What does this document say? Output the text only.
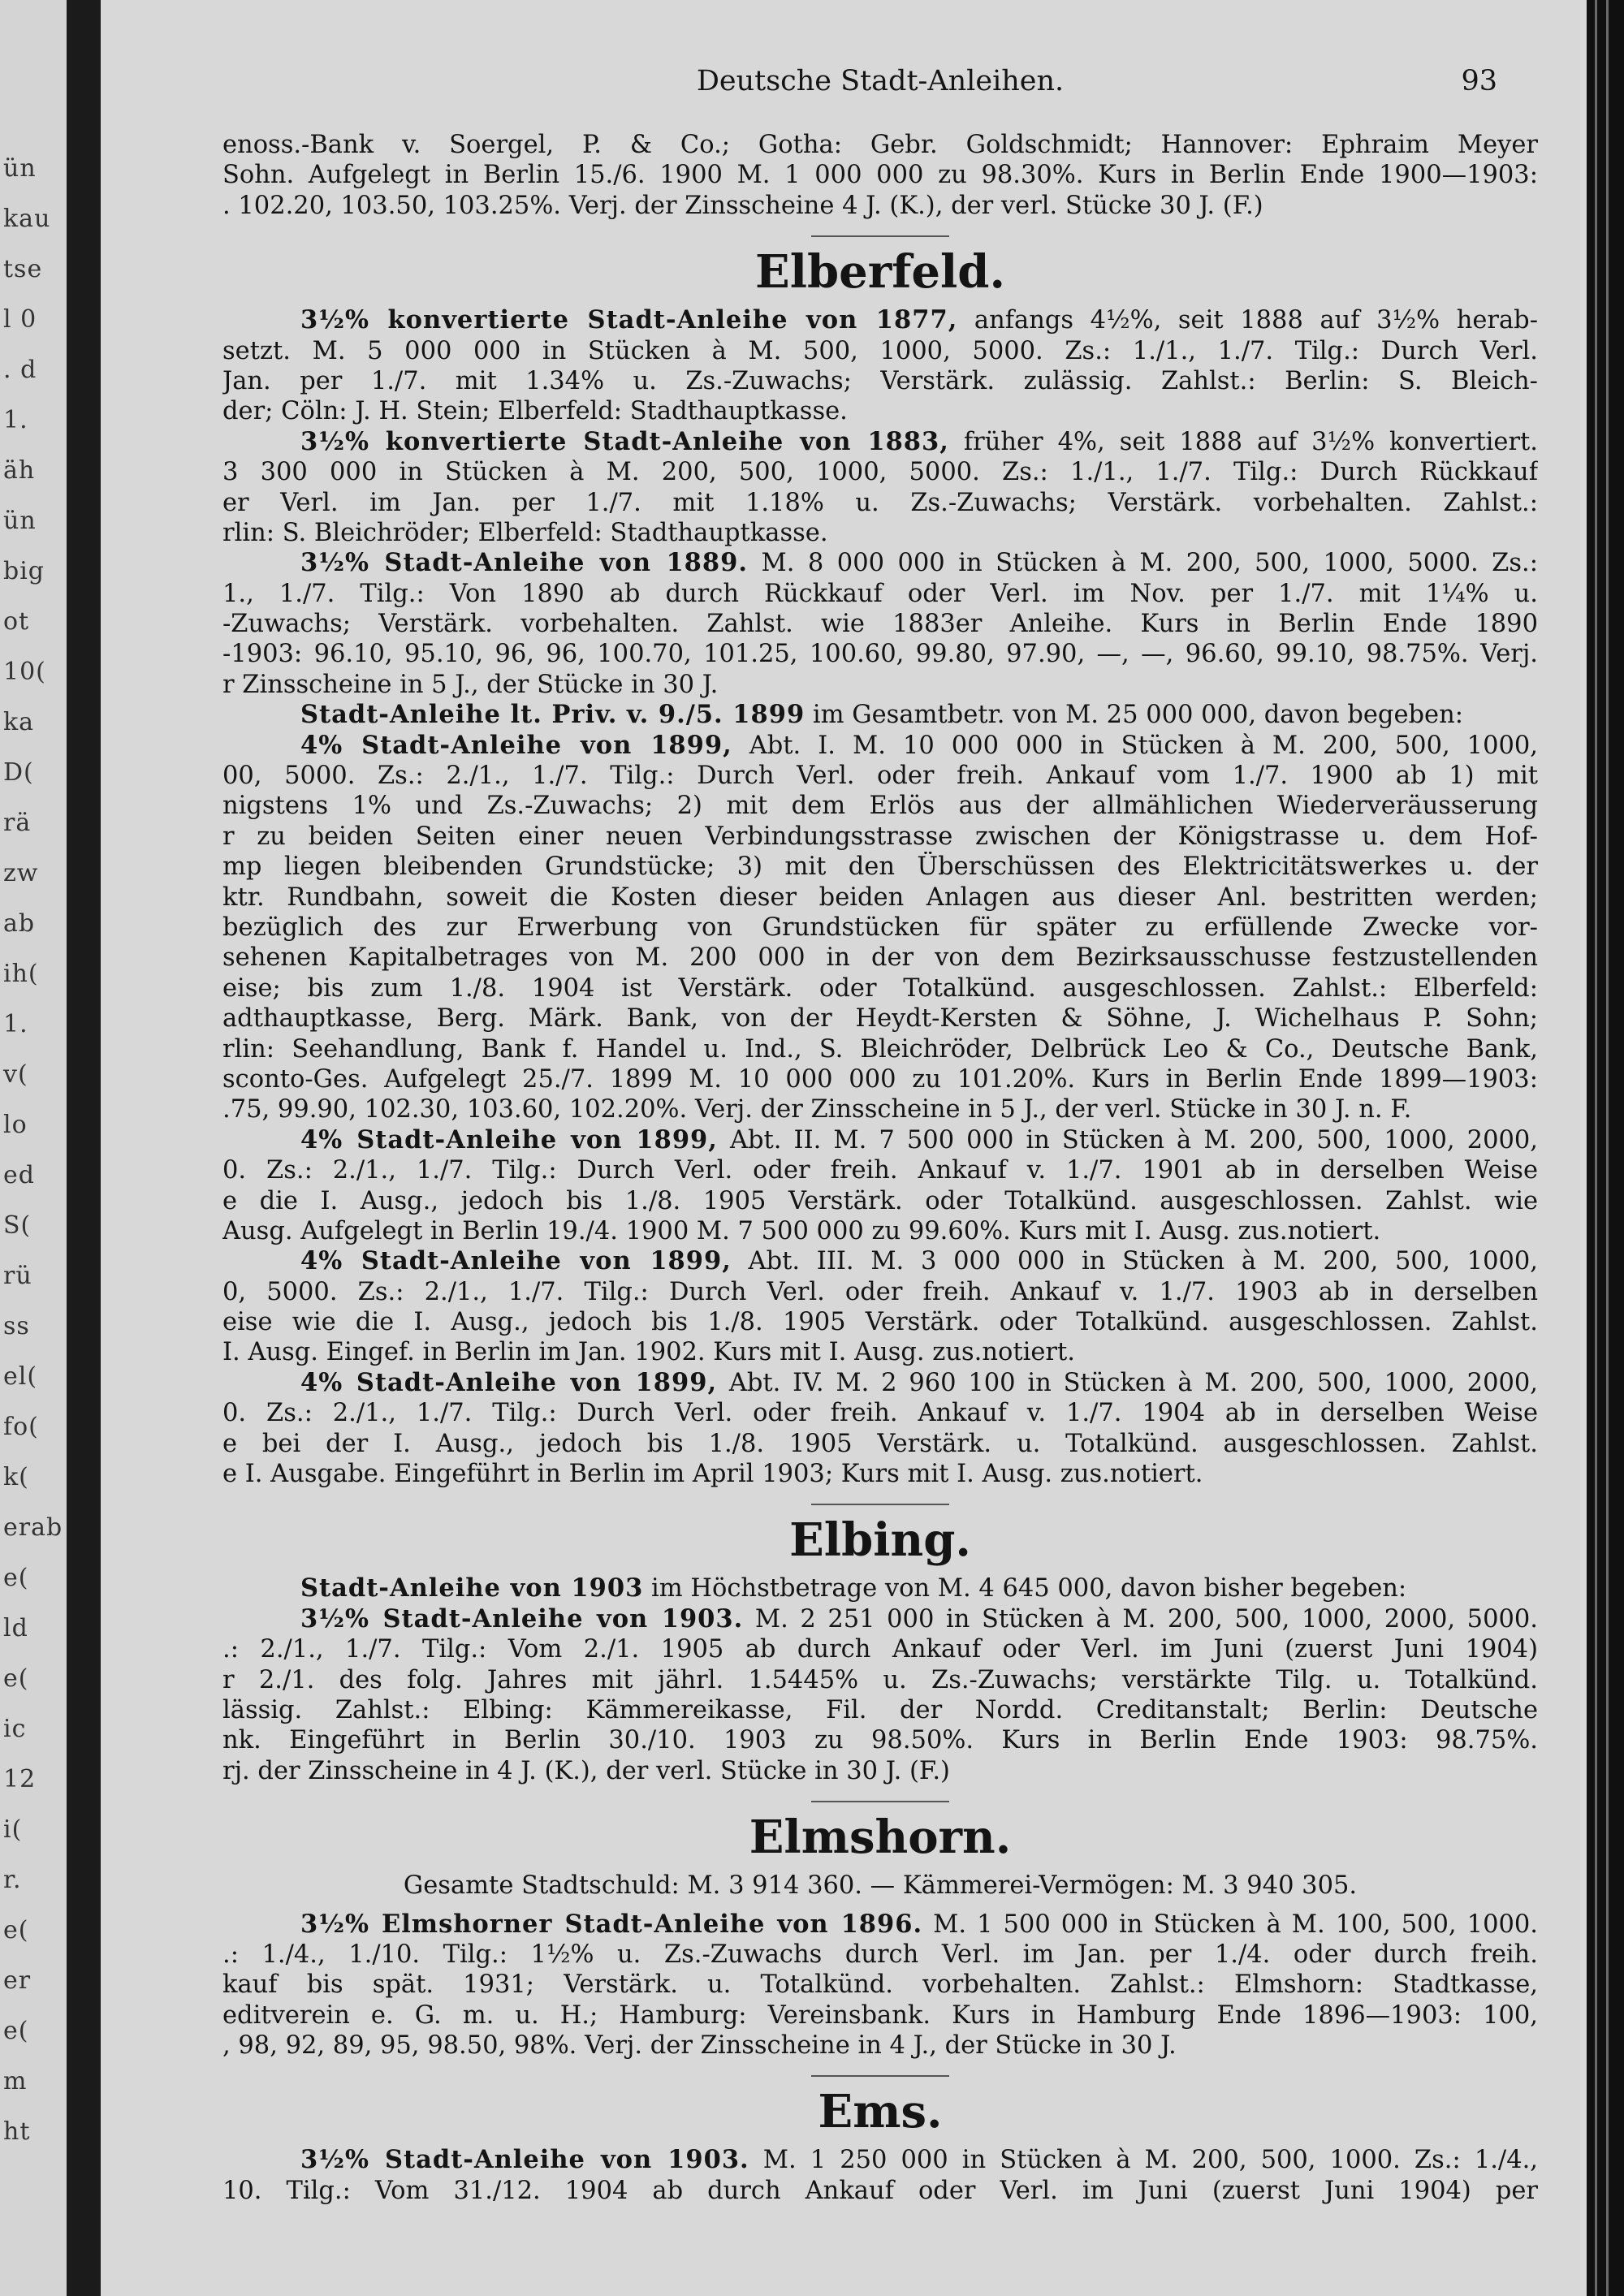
ün
kau
tse
l 0
. d
1.
äh
ün
big
ot
10(
ka
D(
rä
zw
ab
ih(
1.
v(
lo
ed
S(
rü
ss
el(
fo(
k(
erab
e(
ld
e(
ic
12
i(
r.
e(
er
e(
m
ht
Deutsche Stadt-Anleihen.	93
enoss.-Bank v. Soergel, P. & Co.; Gotha: Gebr. Goldschmidt; Hannover: Ephraim Meyer
Sohn. Aufgelegt in Berlin 15./6. 1900 M. 1 000 000 zu 98.30%. Kurs in Berlin Ende 1900—1903:
. 102.20, 103.50, 103.25%. Verj. der Zinsscheine 4 J. (K.), der verl. Stücke 30 J. (F.)
Elberfeld.
3½% konvertierte Stadt-Anleihe von 1877, anfangs 4½%, seit 1888 auf 3½% herab-
setzt. M. 5 000 000 in Stücken à M. 500, 1000, 5000. Zs.: 1./1., 1./7. Tilg.: Durch Verl.
Jan. per 1./7. mit 1.34% u. Zs.-Zuwachs; Verstärk. zulässig. Zahlst.: Berlin: S. Bleich-
der; Cöln: J. H. Stein; Elberfeld: Stadthauptkasse.
3½% konvertierte Stadt-Anleihe von 1883, früher 4%, seit 1888 auf 3½% konvertiert.
3 300 000 in Stücken à M. 200, 500, 1000, 5000. Zs.: 1./1., 1./7. Tilg.: Durch Rückkauf
er Verl. im Jan. per 1./7. mit 1.18% u. Zs.-Zuwachs; Verstärk. vorbehalten. Zahlst.:
rlin: S. Bleichröder; Elberfeld: Stadthauptkasse.
3½% Stadt-Anleihe von 1889. M. 8 000 000 in Stücken à M. 200, 500, 1000, 5000. Zs.:
1., 1./7. Tilg.: Von 1890 ab durch Rückkauf oder Verl. im Nov. per 1./7. mit 1¼% u.
-Zuwachs; Verstärk. vorbehalten. Zahlst. wie 1883er Anleihe. Kurs in Berlin Ende 1890
-1903: 96.10, 95.10, 96, 96, 100.70, 101.25, 100.60, 99.80, 97.90, —, —, 96.60, 99.10, 98.75%. Verj.
r Zinsscheine in 5 J., der Stücke in 30 J.
Stadt-Anleihe lt. Priv. v. 9./5. 1899 im Gesamtbetr. von M. 25 000 000, davon begeben:
4% Stadt-Anleihe von 1899, Abt. I. M. 10 000 000 in Stücken à M. 200, 500, 1000,
00, 5000. Zs.: 2./1., 1./7. Tilg.: Durch Verl. oder freih. Ankauf vom 1./7. 1900 ab 1) mit
nigstens 1% und Zs.-Zuwachs; 2) mit dem Erlös aus der allmählichen Wiederveräusserung
r zu beiden Seiten einer neuen Verbindungsstrasse zwischen der Königstrasse u. dem Hof-
mp liegen bleibenden Grundstücke; 3) mit den Überschüssen des Elektricitätswerkes u. der
ktr. Rundbahn, soweit die Kosten dieser beiden Anlagen aus dieser Anl. bestritten werden;
bezüglich des zur Erwerbung von Grundstücken für später zu erfüllende Zwecke vor-
sehenen Kapitalbetrages von M. 200 000 in der von dem Bezirksausschusse festzustellenden
eise; bis zum 1./8. 1904 ist Verstärk. oder Totalkünd. ausgeschlossen. Zahlst.: Elberfeld:
adthauptkasse, Berg. Märk. Bank, von der Heydt-Kersten & Söhne, J. Wichelhaus P. Sohn;
rlin: Seehandlung, Bank f. Handel u. Ind., S. Bleichröder, Delbrück Leo & Co., Deutsche Bank,
sconto-Ges. Aufgelegt 25./7. 1899 M. 10 000 000 zu 101.20%. Kurs in Berlin Ende 1899—1903:
.75, 99.90, 102.30, 103.60, 102.20%. Verj. der Zinsscheine in 5 J., der verl. Stücke in 30 J. n. F.
4% Stadt-Anleihe von 1899, Abt. II. M. 7 500 000 in Stücken à M. 200, 500, 1000, 2000,
0. Zs.: 2./1., 1./7. Tilg.: Durch Verl. oder freih. Ankauf v. 1./7. 1901 ab in derselben Weise
e die I. Ausg., jedoch bis 1./8. 1905 Verstärk. oder Totalkünd. ausgeschlossen. Zahlst. wie
Ausg. Aufgelegt in Berlin 19./4. 1900 M. 7 500 000 zu 99.60%. Kurs mit I. Ausg. zus.notiert.
4% Stadt-Anleihe von 1899, Abt. III. M. 3 000 000 in Stücken à M. 200, 500, 1000,
0, 5000. Zs.: 2./1., 1./7. Tilg.: Durch Verl. oder freih. Ankauf v. 1./7. 1903 ab in derselben
eise wie die I. Ausg., jedoch bis 1./8. 1905 Verstärk. oder Totalkünd. ausgeschlossen. Zahlst.
I. Ausg. Eingef. in Berlin im Jan. 1902. Kurs mit I. Ausg. zus.notiert.
4% Stadt-Anleihe von 1899, Abt. IV. M. 2 960 100 in Stücken à M. 200, 500, 1000, 2000,
0. Zs.: 2./1., 1./7. Tilg.: Durch Verl. oder freih. Ankauf v. 1./7. 1904 ab in derselben Weise
e bei der I. Ausg., jedoch bis 1./8. 1905 Verstärk. u. Totalkünd. ausgeschlossen. Zahlst.
e I. Ausgabe. Eingeführt in Berlin im April 1903; Kurs mit I. Ausg. zus.notiert.
Elbing.
Stadt-Anleihe von 1903 im Höchstbetrage von M. 4 645 000, davon bisher begeben:
3½% Stadt-Anleihe von 1903. M. 2 251 000 in Stücken à M. 200, 500, 1000, 2000, 5000.
.: 2./1., 1./7. Tilg.: Vom 2./1. 1905 ab durch Ankauf oder Verl. im Juni (zuerst Juni 1904)
r 2./1. des folg. Jahres mit jährl. 1.5445% u. Zs.-Zuwachs; verstärkte Tilg. u. Totalkünd.
lässig. Zahlst.: Elbing: Kämmereikasse, Fil. der Nordd. Creditanstalt; Berlin: Deutsche
nk. Eingeführt in Berlin 30./10. 1903 zu 98.50%. Kurs in Berlin Ende 1903: 98.75%.
rj. der Zinsscheine in 4 J. (K.), der verl. Stücke in 30 J. (F.)
Elmshorn.
Gesamte Stadtschuld: M. 3 914 360. — Kämmerei-Vermögen: M. 3 940 305.
3½% Elmshorner Stadt-Anleihe von 1896. M. 1 500 000 in Stücken à M. 100, 500, 1000.
.: 1./4., 1./10. Tilg.: 1½% u. Zs.-Zuwachs durch Verl. im Jan. per 1./4. oder durch freih.
kauf bis spät. 1931; Verstärk. u. Totalkünd. vorbehalten. Zahlst.: Elmshorn: Stadtkasse,
editverein e. G. m. u. H.; Hamburg: Vereinsbank. Kurs in Hamburg Ende 1896—1903: 100,
, 98, 92, 89, 95, 98.50, 98%. Verj. der Zinsscheine in 4 J., der Stücke in 30 J.
Ems.
3½% Stadt-Anleihe von 1903. M. 1 250 000 in Stücken à M. 200, 500, 1000. Zs.: 1./4.,
10. Tilg.: Vom 31./12. 1904 ab durch Ankauf oder Verl. im Juni (zuerst Juni 1904) per
